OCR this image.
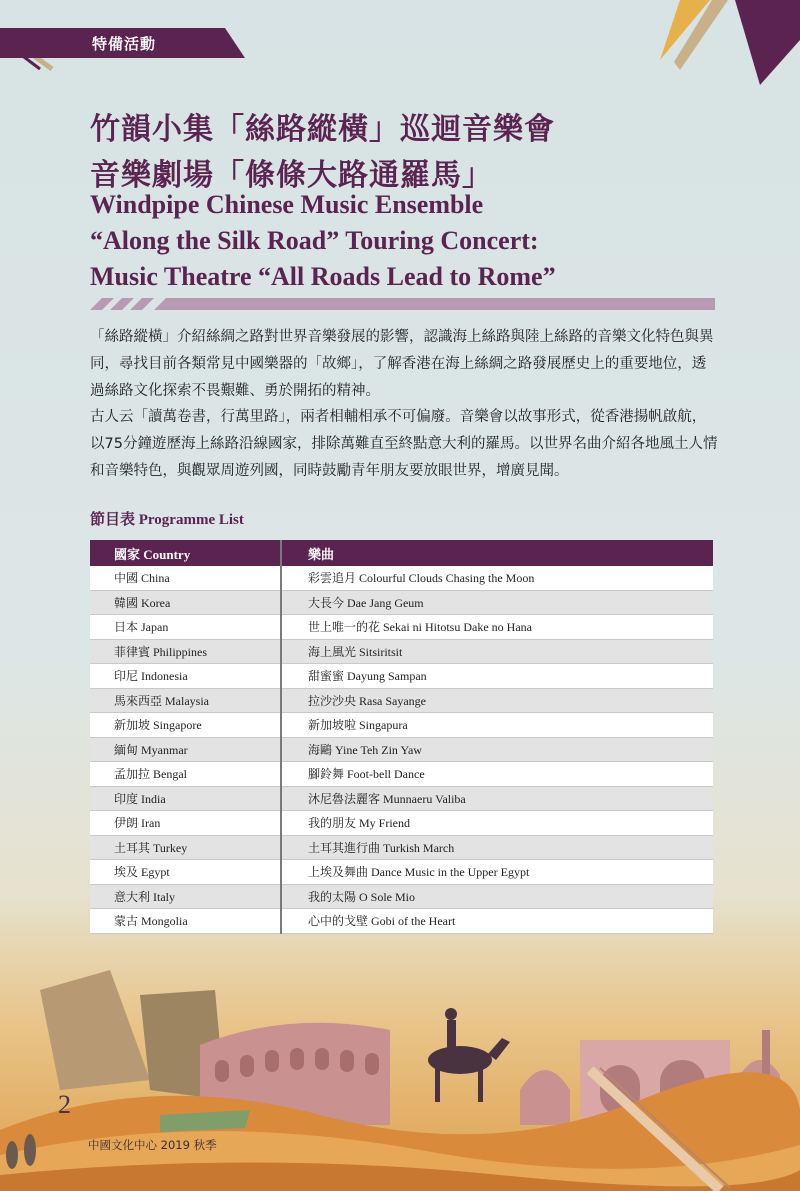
特備活動
竹韻小集「絲路縱橫」巡迴音樂會
音樂劇場「條條大路通羅馬」
Windpipe Chinese Music Ensemble
“Along the Silk Road” Touring Concert:
Music Theatre “All Roads Lead to Rome”

「絲路縱橫」介紹絲綢之路對世界音樂發展的影響，認識海上絲路與陸上絲路的音樂文化特色與異同，尋找目前各類常見中國樂器的「故鄉」，了解香港在海上絲綢之路發展歷史上的重要地位，透過絲路文化探索不畏艱難、勇於開拓的精神。

古人云「讀萬卷書，行萬里路」，兩者相輔相承不可偏廢。音樂會以故事形式，從香港揚帆啟航，以75分鐘遊歷海上絲路沿線國家，排除萬難直至終點意大利的羅馬。以世界名曲介紹各地風土人情和音樂特色，與觀眾周遊列國，同時鼓勵青年朋友要放眼世界，增廣見聞。

節目表 Programme List
國家 Country	樂曲
中國 China	彩雲追月 Colourful Clouds Chasing the Moon
韓國 Korea	大長今 Dae Jang Geum
日本 Japan	世上唯一的花 Sekai ni Hitotsu Dake no Hana
菲律賓 Philippines	海上風光 Sitsiritsit
印尼 Indonesia	甜蜜蜜 Dayung Sampan
馬來西亞 Malaysia	拉沙沙央 Rasa Sayange
新加坡 Singapore	新加坡啦 Singapura
緬甸 Myanmar	海鷗 Yine Teh Zin Yaw
孟加拉 Bengal	腳鈴舞 Foot-bell Dance
印度 India	沐尼魯法麗客 Munnaeru Valiba
伊朗 Iran	我的朋友 My Friend
土耳其 Turkey	土耳其進行曲 Turkish March
埃及 Egypt	上埃及舞曲 Dance Music in the Upper Egypt
意大利 Italy	我的太陽 O Sole Mio
蒙古 Mongolia	心中的戈壁 Gobi of the Heart
2
中國文化中心 2019 秋季
